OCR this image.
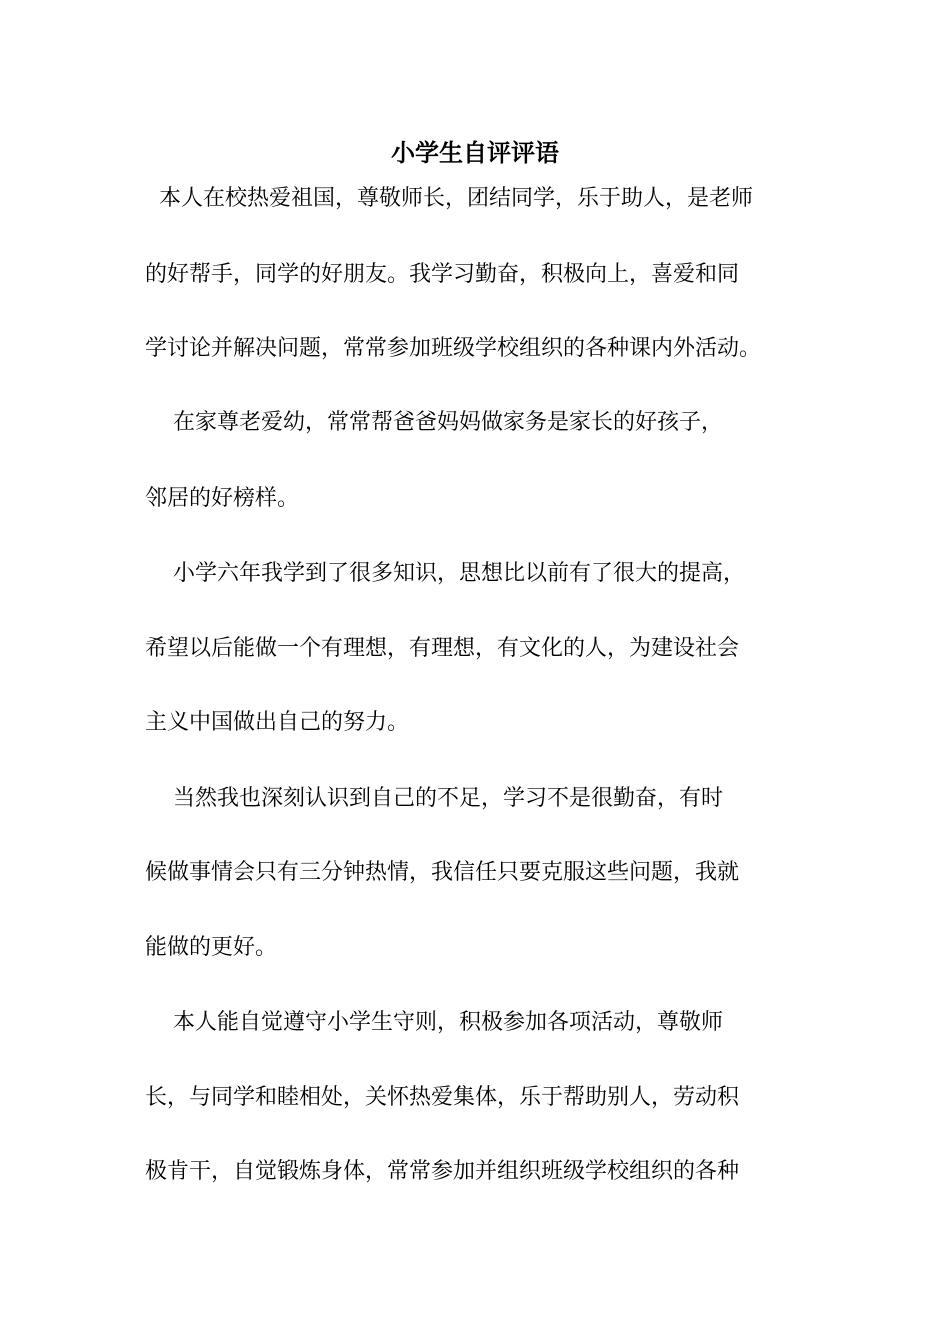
小学生自评评语
本人在校热爱祖国，尊敬师长，团结同学，乐于助人，是老师
的好帮手，同学的好朋友。我学习勤奋，积极向上，喜爱和同
学讨论并解决问题，常常参加班级学校组织的各种课内外活动。
在家尊老爱幼，常常帮爸爸妈妈做家务是家长的好孩子，
邻居的好榜样。
小学六年我学到了很多知识，思想比以前有了很大的提高，
希望以后能做一个有理想，有理想，有文化的人，为建设社会
主义中国做出自己的努力。
当然我也深刻认识到自己的不足，学习不是很勤奋，有时
候做事情会只有三分钟热情，我信任只要克服这些问题，我就
能做的更好。
本人能自觉遵守小学生守则，积极参加各项活动，尊敬师
长，与同学和睦相处，关怀热爱集体，乐于帮助别人，劳动积
极肯干，自觉锻炼身体，常常参加并组织班级学校组织的各种
